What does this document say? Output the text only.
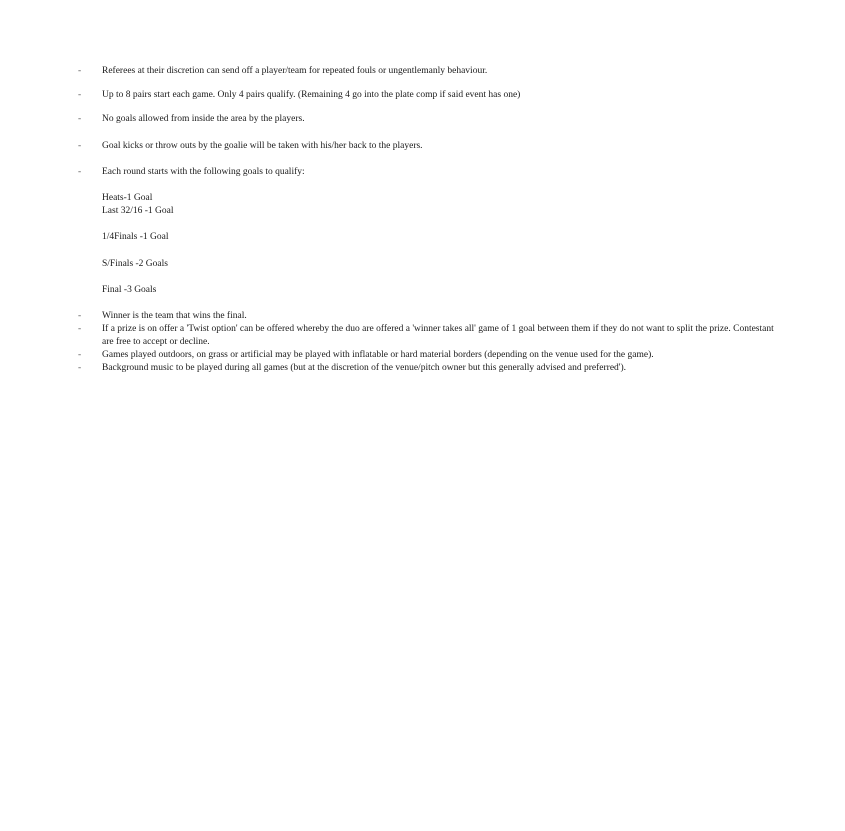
-	Referees at their discretion can send off a player/team for repeated fouls or ungentlemanly behaviour.
-	Up to 8 pairs start each game. Only 4 pairs qualify. (Remaining 4 go into the plate comp if said event has one)
-	No goals allowed from inside the area by the players.
-	Goal kicks or throw outs by the goalie will be taken with his/her back to the players.
-	Each round starts with the following goals to qualify:
Heats-1 Goal
Last 32/16 -1 Goal
1/4Finals -1 Goal
S/Finals -2 Goals
Final -3 Goals
-	Winner is the team that wins the final.
-	If a prize is on offer a 'Twist option' can be offered whereby the duo are offered a 'winner takes all' game of 1 goal between them if they do not want to split the prize. Contestant are free to accept or decline.
-	Games played outdoors, on grass or artificial may be played with inflatable or hard material borders (depending on the venue used for the game).
-	Background music to be played during all games (but at the discretion of the venue/pitch owner but this generally advised and preferred').
